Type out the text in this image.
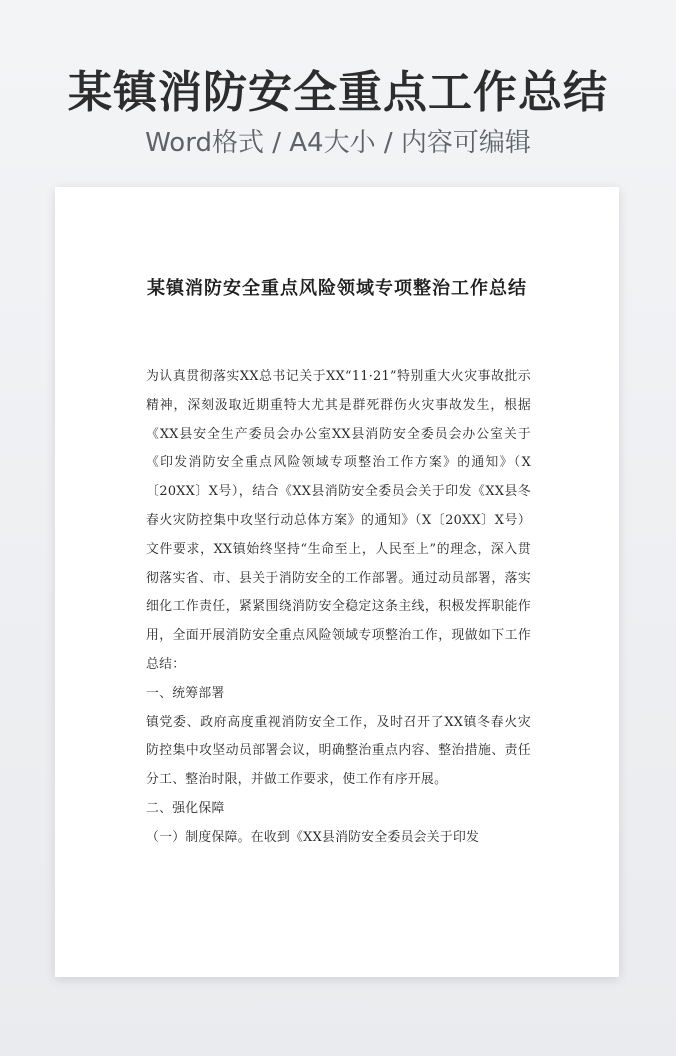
某镇消防安全重点工作总结
Word格式 / A4大小 / 内容可编辑
某镇消防安全重点风险领域专项整治工作总结

为认真贯彻落实XX总书记关于XX“11·21”特别重大火灾事故批示精神，深刻汲取近期重特大尤其是群死群伤火灾事故发生，根据《XX县安全生产委员会办公室XX县消防安全委员会办公室关于《印发消防安全重点风险领域专项整治工作方案》的通知》（X〔20XX〕X号），结合《XX县消防安全委员会关于印发《XX县冬春火灾防控集中攻坚行动总体方案》的通知》（X〔20XX〕X号）文件要求，XX镇始终坚持“生命至上，人民至上”的理念，深入贯彻落实省、市、县关于消防安全的工作部署。通过动员部署，落实细化工作责任，紧紧围绕消防安全稳定这条主线，积极发挥职能作用，全面开展消防安全重点风险领域专项整治工作，现做如下工作总结：

一、统筹部署

镇党委、政府高度重视消防安全工作，及时召开了XX镇冬春火灾防控集中攻坚动员部署会议，明确整治重点内容、整治措施、责任分工、整治时限，并做工作要求，使工作有序开展。

二、强化保障

（一）制度保障。在收到《XX县消防安全委员会关于印发
